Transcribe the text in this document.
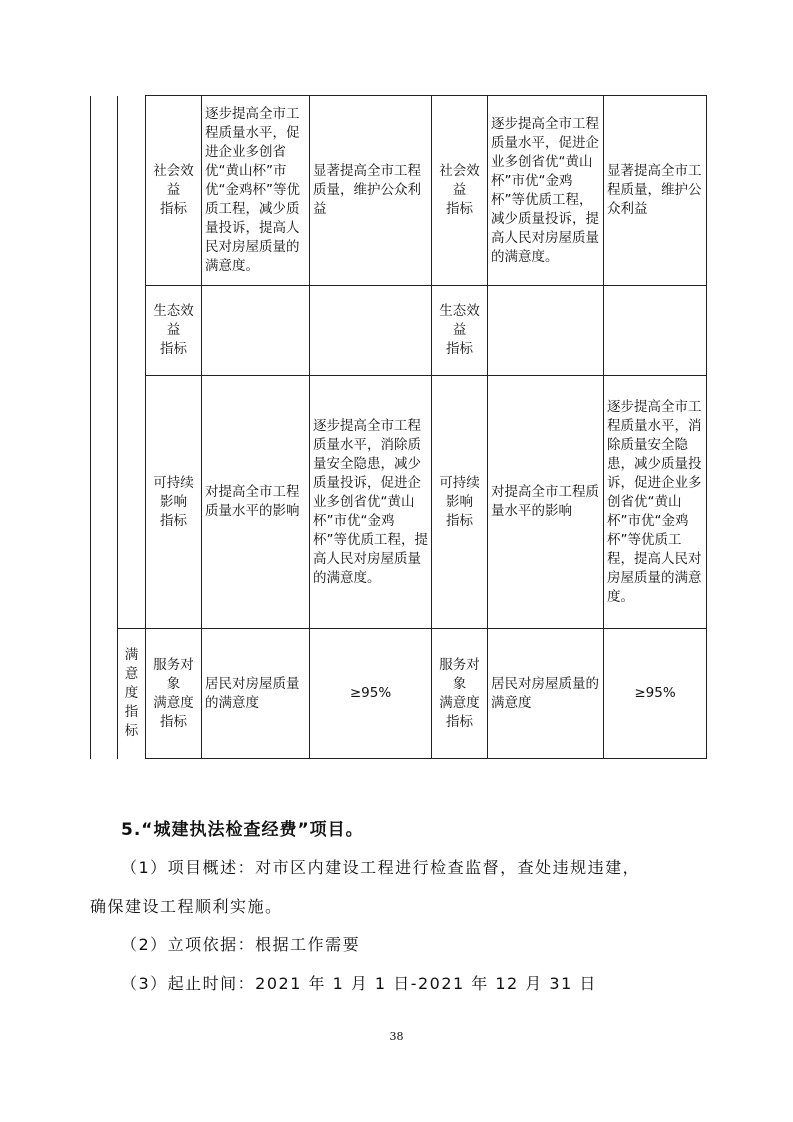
		社会效
益
指标	逐步提高全市工程质量水平，促进企业多创省优“黄山杯”市优“金鸡杯”等优质工程，减少质量投诉，提高人民对房屋质量的满意度。	显著提高全市工程质量，维护公众利益	社会效
益
指标	逐步提高全市工程质量水平，促进企业多创省优“黄山杯”市优“金鸡杯”等优质工程，减少质量投诉，提高人民对房屋质量的满意度。	显著提高全市工程质量，维护公众利益
		生态效
益
指标			生态效
益
指标		
		可持续
影响
指标	对提高全市工程质量水平的影响	逐步提高全市工程质量水平，消除质量安全隐患，减少质量投诉，促进企业多创省优“黄山杯”市优“金鸡杯”等优质工程，提高人民对房屋质量的满意度。	可持续
影响
指标	对提高全市工程质量水平的影响	逐步提高全市工程质量水平，消除质量安全隐患，减少质量投诉，促进企业多创省优“黄山杯”市优“金鸡杯”等优质工程，提高人民对房屋质量的满意度。
	满
意
度
指
标	服务对
象
满意度
指标	居民对房屋质量的满意度	≥95%	服务对
象
满意度
指标	居民对房屋质量的满意度	≥95%
5.“城建执法检查经费”项目。
（1）项目概述：对市区内建设工程进行检查监督，查处违规违建，
确保建设工程顺利实施。
（2）立项依据：根据工作需要
（3）起止时间：2021 年 1 月 1 日-2021 年 12 月 31 日
38
